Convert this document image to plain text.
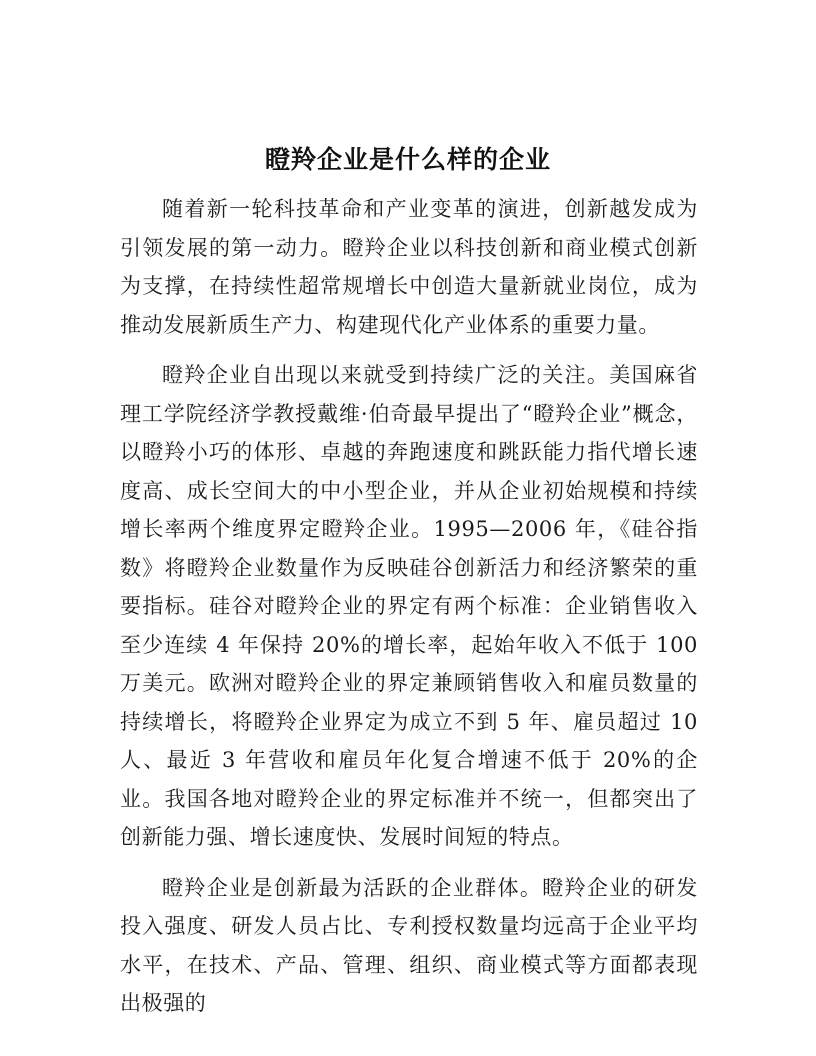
瞪羚企业是什么样的企业

随着新一轮科技革命和产业变革的演进，创新越发成为引领发展的第一动力。瞪羚企业以科技创新和商业模式创新为支撑，在持续性超常规增长中创造大量新就业岗位，成为推动发展新质生产力、构建现代化产业体系的重要力量。

瞪羚企业自出现以来就受到持续广泛的关注。美国麻省理工学院经济学教授戴维·伯奇最早提出了“瞪羚企业”概念，以瞪羚小巧的体形、卓越的奔跑速度和跳跃能力指代增长速度高、成长空间大的中小型企业，并从企业初始规模和持续增长率两个维度界定瞪羚企业。1995—2006 年，《硅谷指数》将瞪羚企业数量作为反映硅谷创新活力和经济繁荣的重要指标。硅谷对瞪羚企业的界定有两个标准：企业销售收入至少连续 4 年保持 20%的增长率，起始年收入不低于 100 万美元。欧洲对瞪羚企业的界定兼顾销售收入和雇员数量的持续增长，将瞪羚企业界定为成立不到 5 年、雇员超过 10 人、最近 3 年营收和雇员年化复合增速不低于 20%的企业。我国各地对瞪羚企业的界定标准并不统一，但都突出了创新能力强、增长速度快、发展时间短的特点。

瞪羚企业是创新最为活跃的企业群体。瞪羚企业的研发投入强度、研发人员占比、专利授权数量均远高于企业平均水平，在技术、产品、管理、组织、商业模式等方面都表现出极强的
